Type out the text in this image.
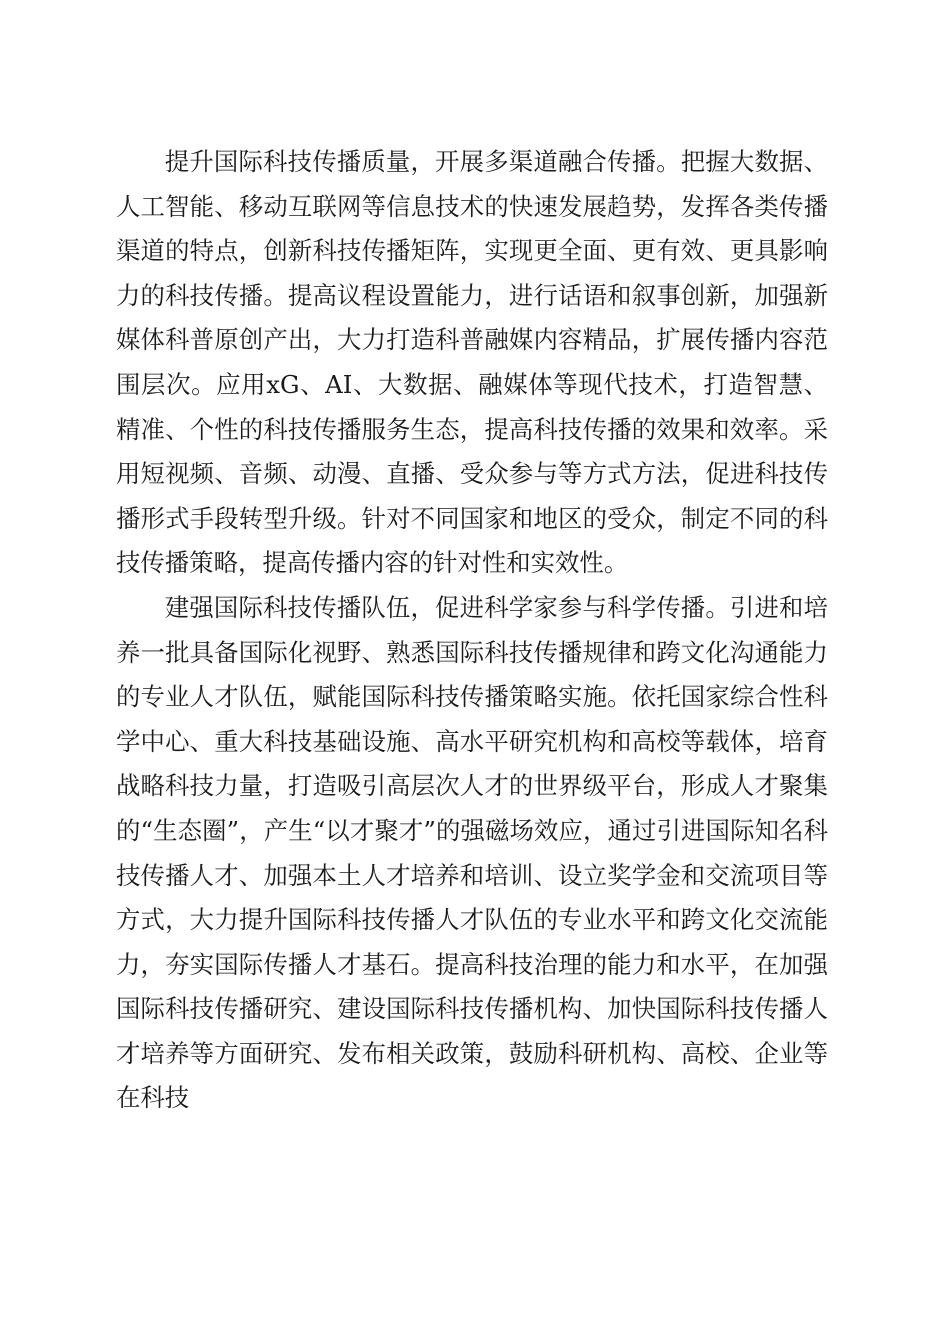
提升国际科技传播质量，开展多渠道融合传播。把握大数据、人工智能、移动互联网等信息技术的快速发展趋势，发挥各类传播渠道的特点，创新科技传播矩阵，实现更全面、更有效、更具影响力的科技传播。提高议程设置能力，进行话语和叙事创新，加强新媒体科普原创产出，大力打造科普融媒内容精品，扩展传播内容范围层次。应用xG、AI、大数据、融媒体等现代技术，打造智慧、精准、个性的科技传播服务生态，提高科技传播的效果和效率。采用短视频、音频、动漫、直播、受众参与等方式方法，促进科技传播形式手段转型升级。针对不同国家和地区的受众，制定不同的科技传播策略，提高传播内容的针对性和实效性。

建强国际科技传播队伍，促进科学家参与科学传播。引进和培养一批具备国际化视野、熟悉国际科技传播规律和跨文化沟通能力的专业人才队伍，赋能国际科技传播策略实施。依托国家综合性科学中心、重大科技基础设施、高水平研究机构和高校等载体，培育战略科技力量，打造吸引高层次人才的世界级平台，形成人才聚集的“生态圈”，产生“以才聚才”的强磁场效应，通过引进国际知名科技传播人才、加强本土人才培养和培训、设立奖学金和交流项目等方式，大力提升国际科技传播人才队伍的专业水平和跨文化交流能力，夯实国际传播人才基石。提高科技治理的能力和水平，在加强国际科技传播研究、建设国际科技传播机构、加快国际科技传播人才培养等方面研究、发布相关政策，鼓励科研机构、高校、企业等在科技
